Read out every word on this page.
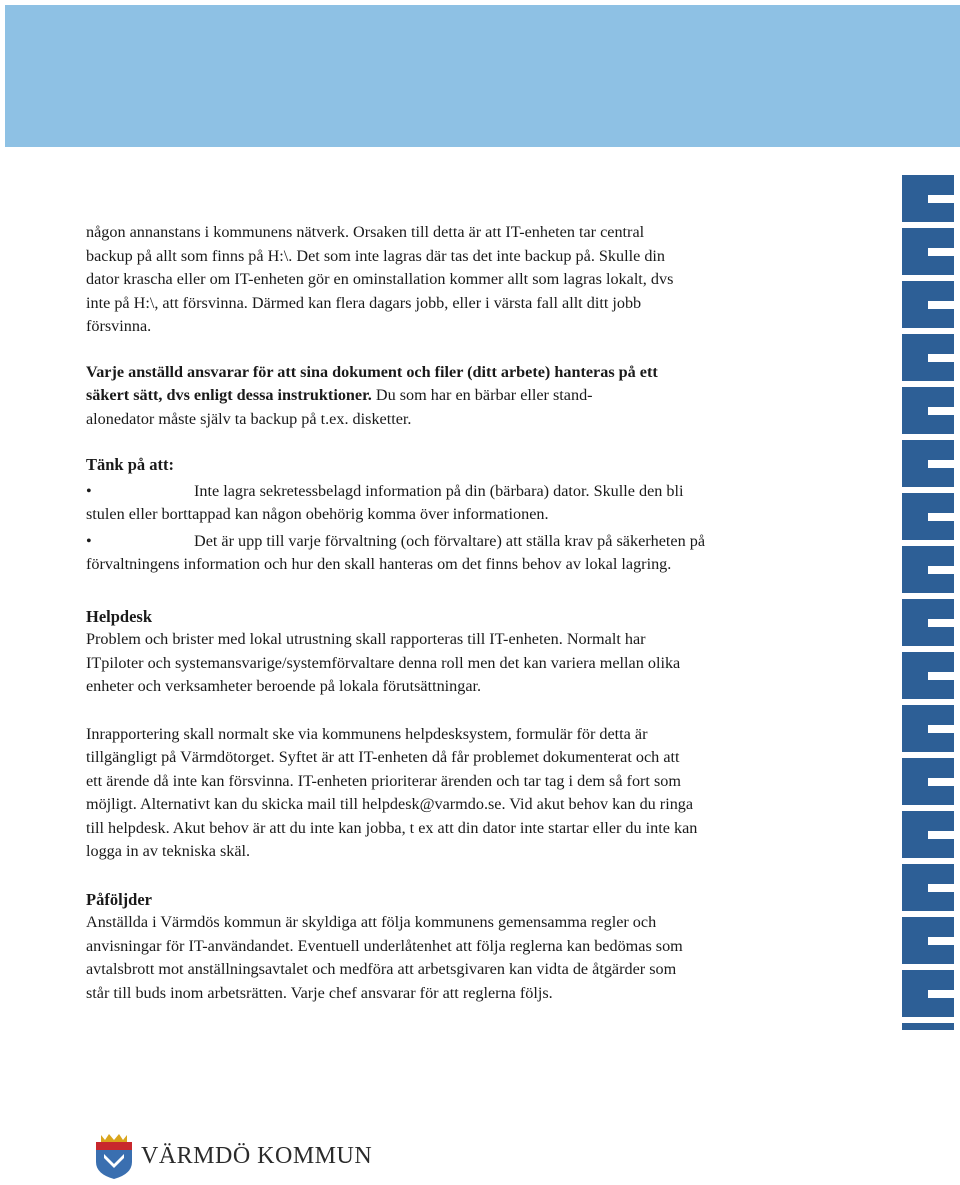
någon annanstans i kommunens nätverk. Orsaken till detta är att IT-enheten tar central
backup på allt som finns på H:\. Det som inte lagras där tas det inte backup på. Skulle din
dator krascha eller om IT-enheten gör en ominstallation kommer allt som lagras lokalt, dvs
inte på H:\, att försvinna. Därmed kan flera dagars jobb, eller i värsta fall allt ditt jobb
försvinna.

Varje anställd ansvarar för att sina dokument och filer (ditt arbete) hanteras på ett
säkert sätt, dvs enligt dessa instruktioner. Du som har en bärbar eller stand-
alonedator måste själv ta backup på t.ex. disketter.

Tänk på att:

•	Inte lagra sekretessbelagd information på din (bärbara) dator. Skulle den bli
stulen eller borttappad kan någon obehörig komma över informationen.

•	Det är upp till varje förvaltning (och förvaltare) att ställa krav på säkerheten på
förvaltningens information och hur den skall hanteras om det finns behov av lokal lagring.

Helpdesk

Problem och brister med lokal utrustning skall rapporteras till IT-enheten. Normalt har
ITpiloter och systemansvarige/systemförvaltare denna roll men det kan variera mellan olika
enheter och verksamheter beroende på lokala förutsättningar.

Inrapportering skall normalt ske via kommunens helpdesksystem, formulär för detta är
tillgängligt på Värmdötorget. Syftet är att IT-enheten då får problemet dokumenterat och att
ett ärende då inte kan försvinna. IT-enheten prioriterar ärenden och tar tag i dem så fort som
möjligt. Alternativt kan du skicka mail till helpdesk@varmdo.se. Vid akut behov kan du ringa
till helpdesk. Akut behov är att du inte kan jobba, t ex att din dator inte startar eller du inte kan
logga in av tekniska skäl.

Påföljder

Anställda i Värmdös kommun är skyldiga att följa kommunens gemensamma regler och
anvisningar för IT-användandet. Eventuell underlåtenhet att följa reglerna kan bedömas som
avtalsbrott mot anställningsavtalet och medföra att arbetsgivaren kan vidta de åtgärder som
står till buds inom arbetsrätten. Varje chef ansvarar för att reglerna följs.

VÄRMDÖ KOMMUN
